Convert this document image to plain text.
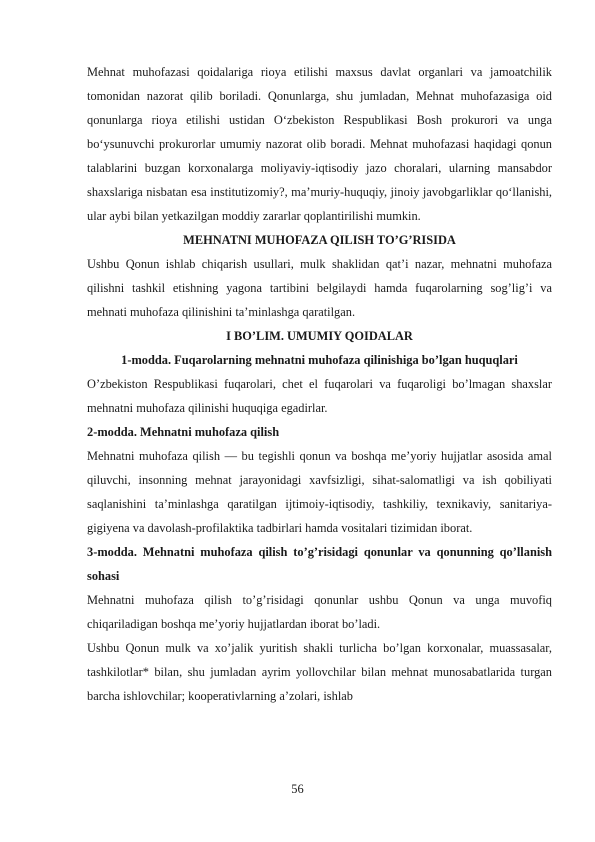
Mehnat muhofazasi qoidalariga rioya etilishi maxsus davlat organlari va jamoatchilik tomonidan nazorat qilib boriladi. Qonunlarga, shu jumladan, Mehnat muhofazasiga oid qonunlarga rioya etilishi ustidan O‘zbekiston Respublikasi Bosh prokurori va unga bo‘ysunuvchi prokurorlar umumiy nazorat olib boradi. Mehnat muhofazasi haqidagi qonun talablarini buzgan korxonalarga moliyaviy-iqtisodiy jazo choralari, ularning mansabdor shaxslariga nisbatan esa institutizomiy?, ma’muriy-huquqiy, jinoiy javobgarliklar qo‘llanishi, ular aybi bilan yetkazilgan moddiy zararlar qoplantirilishi mumkin.

MEHNATNI MUHOFAZA QILISH TO’G’RISIDA

Ushbu Qonun ishlab chiqarish usullari, mulk shaklidan qat’i nazar, mehnatni muhofaza qilishni tashkil etishning yagona tartibini belgilaydi hamda fuqarolarning sog’lig’i va mehnati muhofaza qilinishini ta’minlashga qaratilgan.

I BO’LIM. UMUMIY QOIDALAR

1-modda. Fuqarolarning mehnatni muhofaza qilinishiga bo’lgan huquqlari

O’zbekiston Respublikasi fuqarolari, chet el fuqarolari va fuqaroligi bo’lmagan shaxslar mehnatni muhofaza qilinishi huquqiga egadirlar.

2-modda. Mehnatni muhofaza qilish

Mehnatni muhofaza qilish — bu tegishli qonun va boshqa me’yoriy hujjatlar asosida amal qiluvchi, insonning mehnat jarayonidagi xavfsizligi, sihat-salomatligi va ish qobiliyati saqlanishini ta’minlashga qaratilgan ijtimoiy-iqtisodiy, tashkiliy, texnikaviy, sanitariya-gigiyena va davolash-profilaktika tadbirlari hamda vositalari tizimidan iborat.

3-modda. Mehnatni muhofaza qilish to’g’risidagi qonunlar va qonunning qo’llanish sohasi

Mehnatni muhofaza qilish to’g’risidagi qonunlar ushbu Qonun va unga muvofiq chiqariladigan boshqa me’yoriy hujjatlardan iborat bo’ladi.

Ushbu Qonun mulk va xo’jalik yuritish shakli turlicha bo’lgan korxonalar, muassasalar, tashkilotlar* bilan, shu jumladan ayrim yollovchilar bilan mehnat munosabatlarida turgan barcha ishlovchilar; kooperativlarning a’zolari, ishlab

56
